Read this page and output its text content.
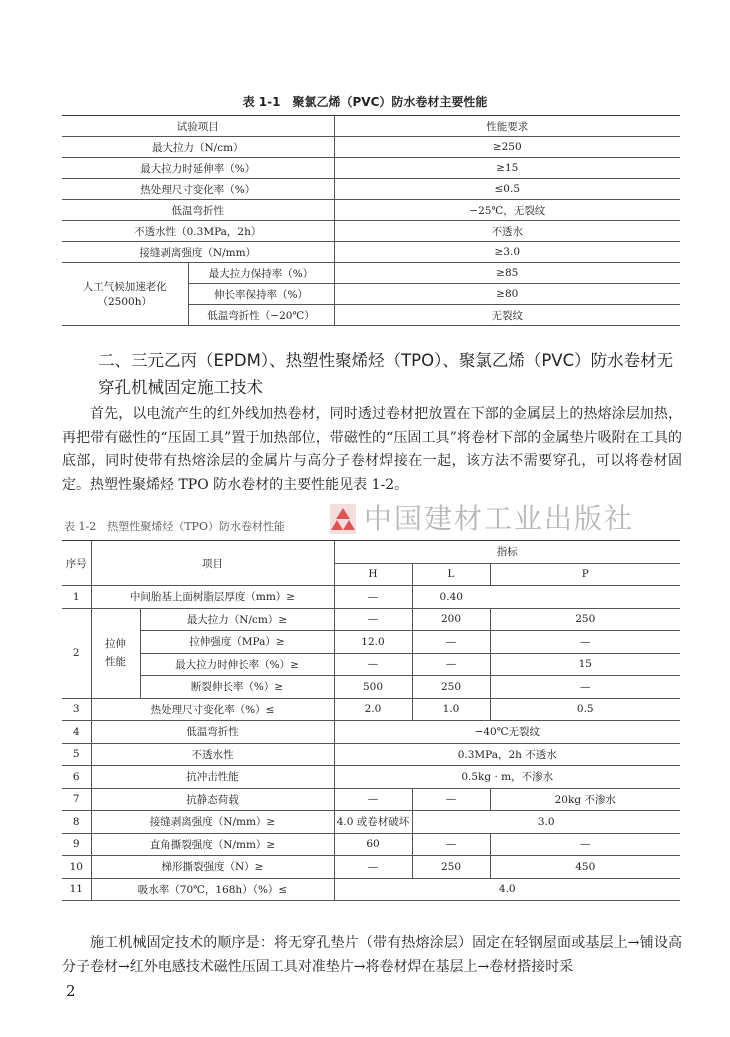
表 1-1　聚氯乙烯（PVC）防水卷材主要性能
试验项目		性能要求
最大拉力（N/cm）		≥250
最大拉力时延伸率（%）		≥15
热处理尺寸变化率（%）		≤0.5
低温弯折性		−25℃，无裂纹
不透水性（0.3MPa，2h）		不透水
接缝剥离强度（N/mm）		≥3.0
人工气候加速老化（2500h）	最大拉力保持率（%）	≥85
	伸长率保持率（%）	≥80
	低温弯折性（−20℃）	无裂纹
二、三元乙丙（EPDM）、热塑性聚烯烃（TPO）、聚氯乙烯（PVC）防水卷材无穿孔机械固定施工技术

首先，以电流产生的红外线加热卷材，同时透过卷材把放置在下部的金属层上的热熔涂层加热，再把带有磁性的“压固工具”置于加热部位，带磁性的“压固工具”将卷材下部的金属垫片吸附在工具的底部，同时使带有热熔涂层的金属片与高分子卷材焊接在一起，该方法不需要穿孔，可以将卷材固定。热塑性聚烯烃 TPO 防水卷材的主要性能见表 1-2。

表 1-2　热塑性聚烯烃（TPO）防水卷材性能	中国建材工业出版社
序号	项目		指标		
			H	L	P
1	中间胎基上面树脂层厚度（mm）≥		—	0.40	
2	拉伸性能	最大拉力（N/cm）≥	—	200	250
		拉伸强度（MPa）≥	12.0	—	—
		最大拉力时伸长率（%）≥	—	—	15
		断裂伸长率（%）≥	500	250	—
3	热处理尺寸变化率（%）≤		2.0	1.0	0.5
4	低温弯折性		−40℃无裂纹		
5	不透水性		0.3MPa，2h 不透水		
6	抗冲击性能		0.5kg · m，不渗水		
7	抗静态荷载		—	—	20kg 不渗水
8	接缝剥离强度（N/mm）≥		4.0 或卷材破坏	3.0	
9	直角撕裂强度（N/mm）≥		60	—	—
10	梯形撕裂强度（N）≥		—	250	450
11	吸水率（70℃，168h）（%）≤		4.0		

施工机械固定技术的顺序是：将无穿孔垫片（带有热熔涂层）固定在轻钢屋面或基层上→铺设高分子卷材→红外电感技术磁性压固工具对准垫片→将卷材焊在基层上→卷材搭接时采

2
